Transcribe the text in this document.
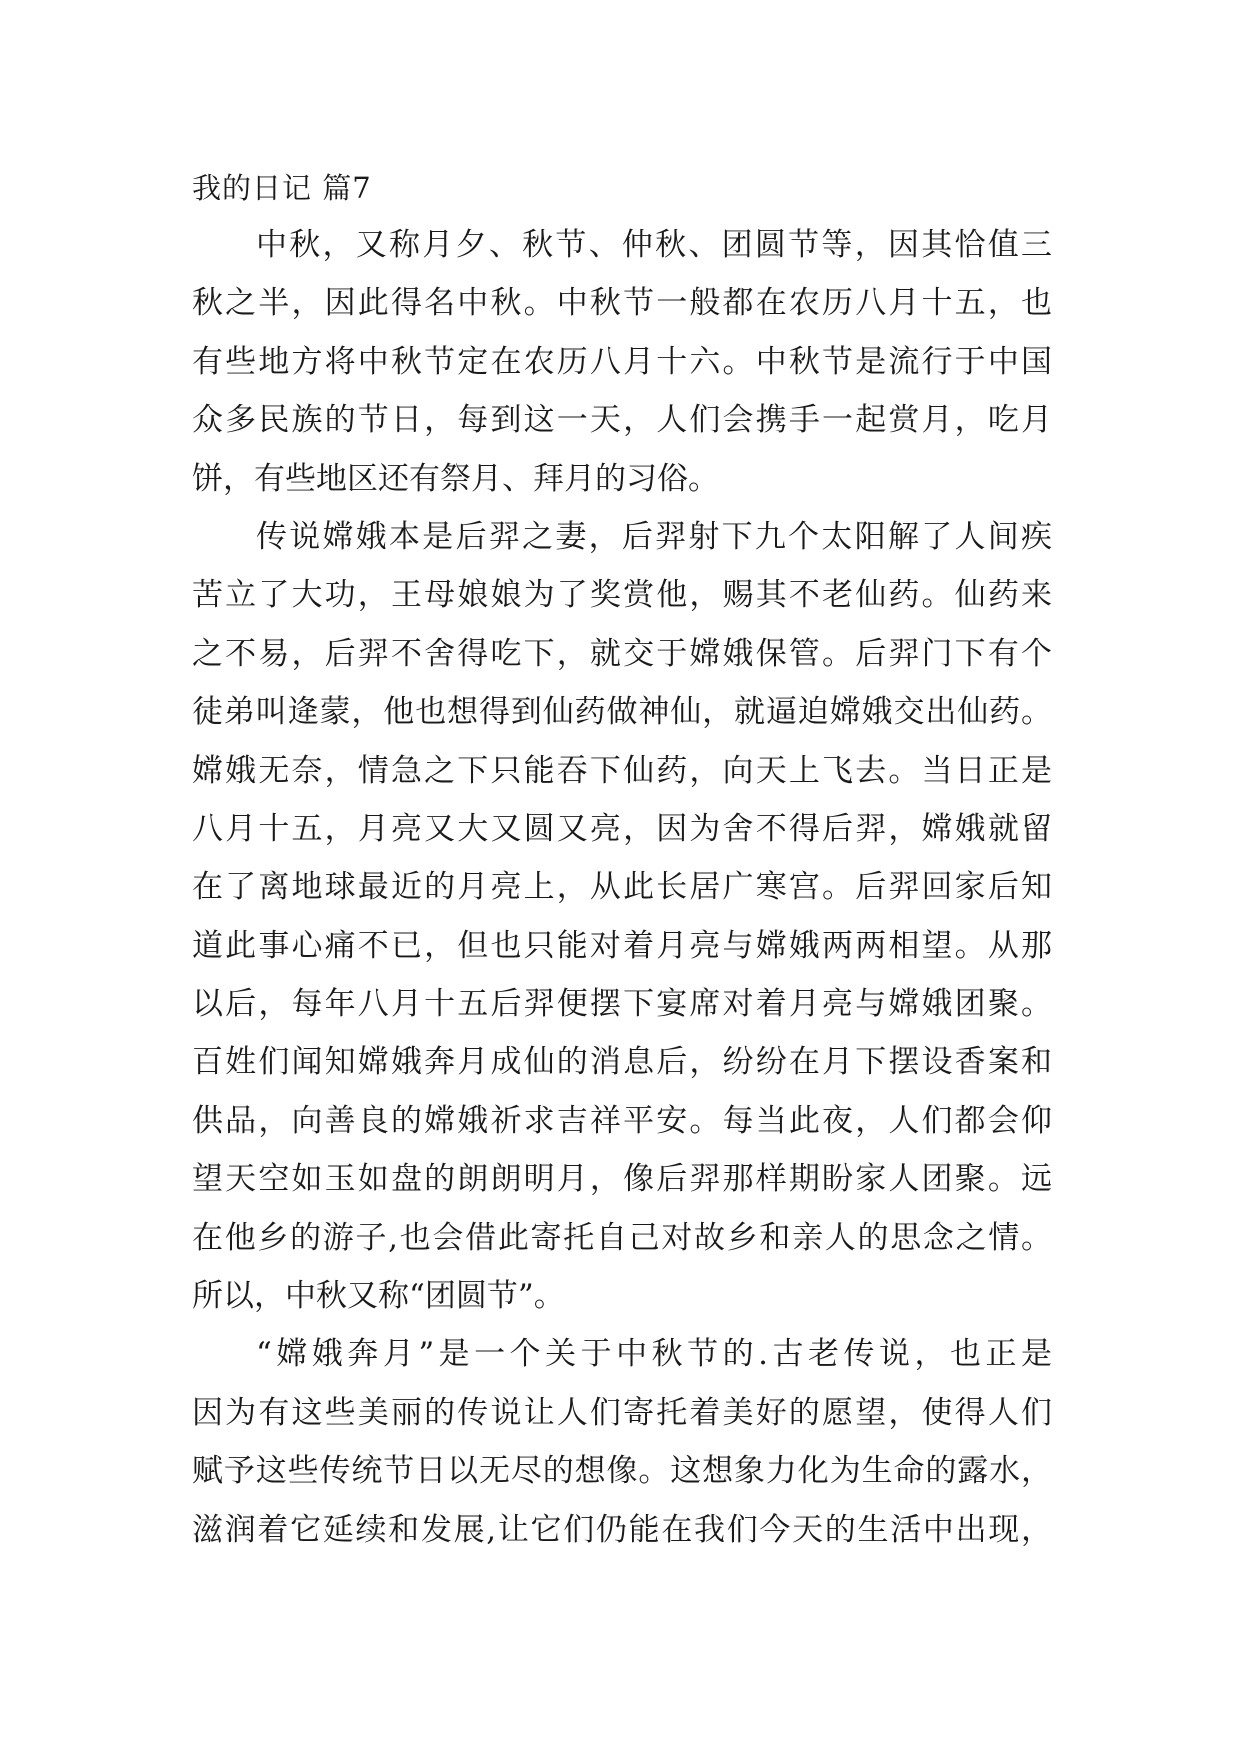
我的日记 篇7
中秋，又称月夕、秋节、仲秋、团圆节等，因其恰值三
秋之半，因此得名中秋。中秋节一般都在农历八月十五，也
有些地方将中秋节定在农历八月十六。中秋节是流行于中国
众多民族的节日，每到这一天，人们会携手一起赏月，吃月
饼，有些地区还有祭月、拜月的习俗。
传说嫦娥本是后羿之妻，后羿射下九个太阳解了人间疾
苦立了大功，王母娘娘为了奖赏他，赐其不老仙药。仙药来
之不易，后羿不舍得吃下，就交于嫦娥保管。后羿门下有个
徒弟叫逄蒙，他也想得到仙药做神仙，就逼迫嫦娥交出仙药。
嫦娥无奈，情急之下只能吞下仙药，向天上飞去。当日正是
八月十五，月亮又大又圆又亮，因为舍不得后羿，嫦娥就留
在了离地球最近的月亮上，从此长居广寒宫。后羿回家后知
道此事心痛不已，但也只能对着月亮与嫦娥两两相望。从那
以后，每年八月十五后羿便摆下宴席对着月亮与嫦娥团聚。
百姓们闻知嫦娥奔月成仙的消息后，纷纷在月下摆设香案和
供品，向善良的嫦娥祈求吉祥平安。每当此夜，人们都会仰
望天空如玉如盘的朗朗明月，像后羿那样期盼家人团聚。远
在他乡的游子,也会借此寄托自己对故乡和亲人的思念之情。
所以，中秋又称“团圆节”。
“嫦娥奔月”是一个关于中秋节的.古老传说，也正是
因为有这些美丽的传说让人们寄托着美好的愿望，使得人们
赋予这些传统节日以无尽的想像。这想象力化为生命的露水，
滋润着它延续和发展,让它们仍能在我们今天的生活中出现，
